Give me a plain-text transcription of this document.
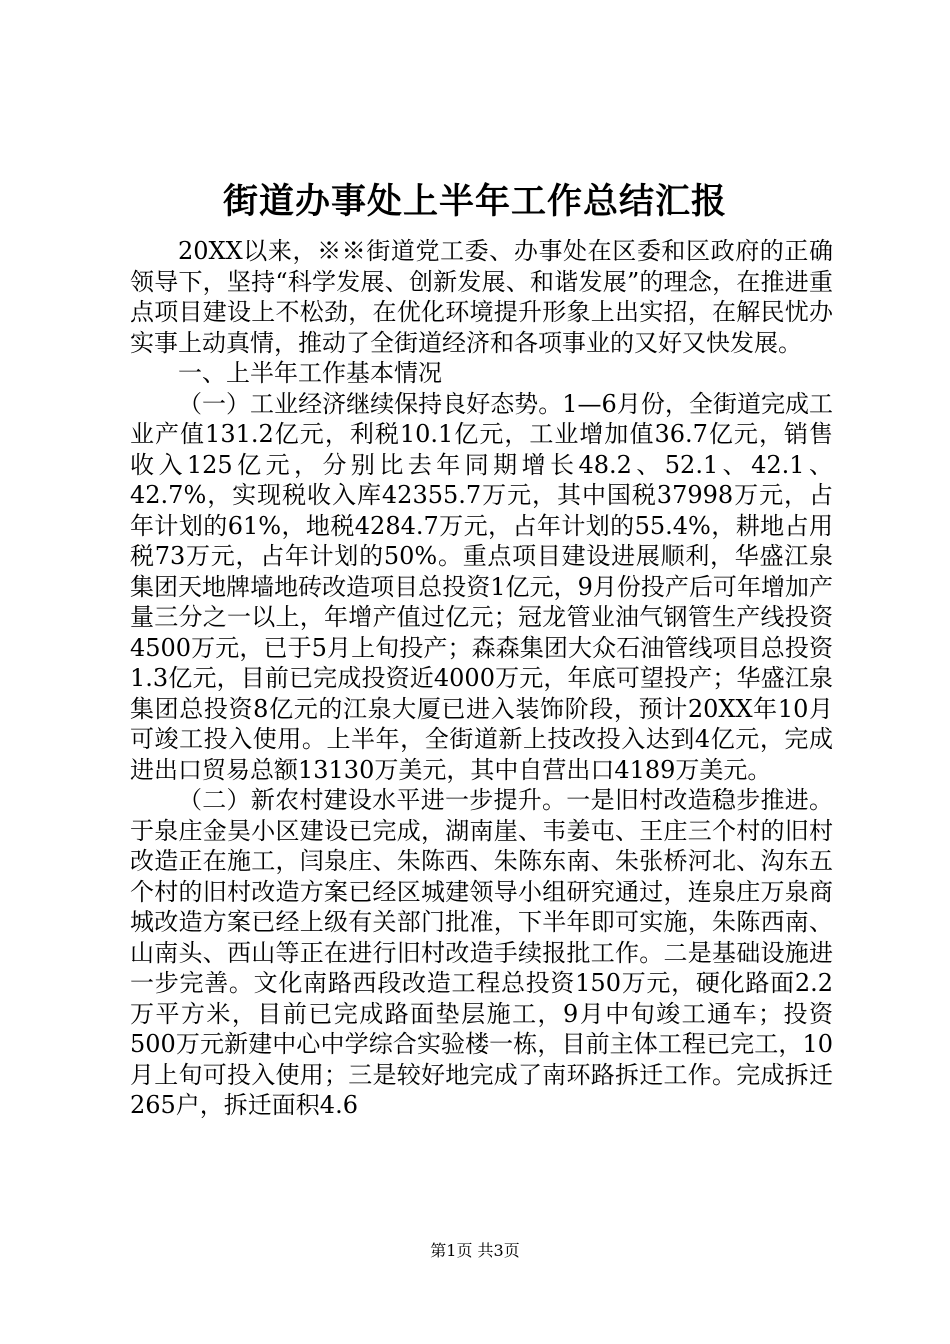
街道办事处上半年工作总结汇报

20XX以来，※※街道党工委、办事处在区委和区政府的正确领导下，坚持“科学发展、创新发展、和谐发展”的理念，在推进重点项目建设上不松劲，在优化环境提升形象上出实招，在解民忧办实事上动真情，推动了全街道经济和各项事业的又好又快发展。

一、上半年工作基本情况

（一）工业经济继续保持良好态势。1—6月份，全街道完成工业产值131.2亿元，利税10.1亿元，工业增加值36.7亿元，销售收入125亿元，分别比去年同期增长48.2、52.1、42.1、42.7%，实现税收入库42355.7万元，其中国税37998万元，占年计划的61%，地税4284.7万元，占年计划的55.4%，耕地占用税73万元，占年计划的50%。重点项目建设进展顺利，华盛江泉集团天地牌墙地砖改造项目总投资1亿元，9月份投产后可年增加产量三分之一以上，年增产值过亿元；冠龙管业油气钢管生产线投资4500万元，已于5月上旬投产；森森集团大众石油管线项目总投资1.3亿元，目前已完成投资近4000万元，年底可望投产；华盛江泉集团总投资8亿元的江泉大厦已进入装饰阶段，预计20XX年10月可竣工投入使用。上半年，全街道新上技改投入达到4亿元，完成进出口贸易总额13130万美元，其中自营出口4189万美元。

（二）新农村建设水平进一步提升。一是旧村改造稳步推进。于泉庄金昊小区建设已完成，湖南崖、韦姜屯、王庄三个村的旧村改造正在施工，闫泉庄、朱陈西、朱陈东南、朱张桥河北、沟东五个村的旧村改造方案已经区城建领导小组研究通过，连泉庄万泉商城改造方案已经上级有关部门批准，下半年即可实施，朱陈西南、山南头、西山等正在进行旧村改造手续报批工作。二是基础设施进一步完善。文化南路西段改造工程总投资150万元，硬化路面2.2万平方米，目前已完成路面垫层施工，9月中旬竣工通车；投资500万元新建中心中学综合实验楼一栋，目前主体工程已完工，10月上旬可投入使用；三是较好地完成了南环路拆迁工作。完成拆迁265户，拆迁面积4.6

第1页 共3页
